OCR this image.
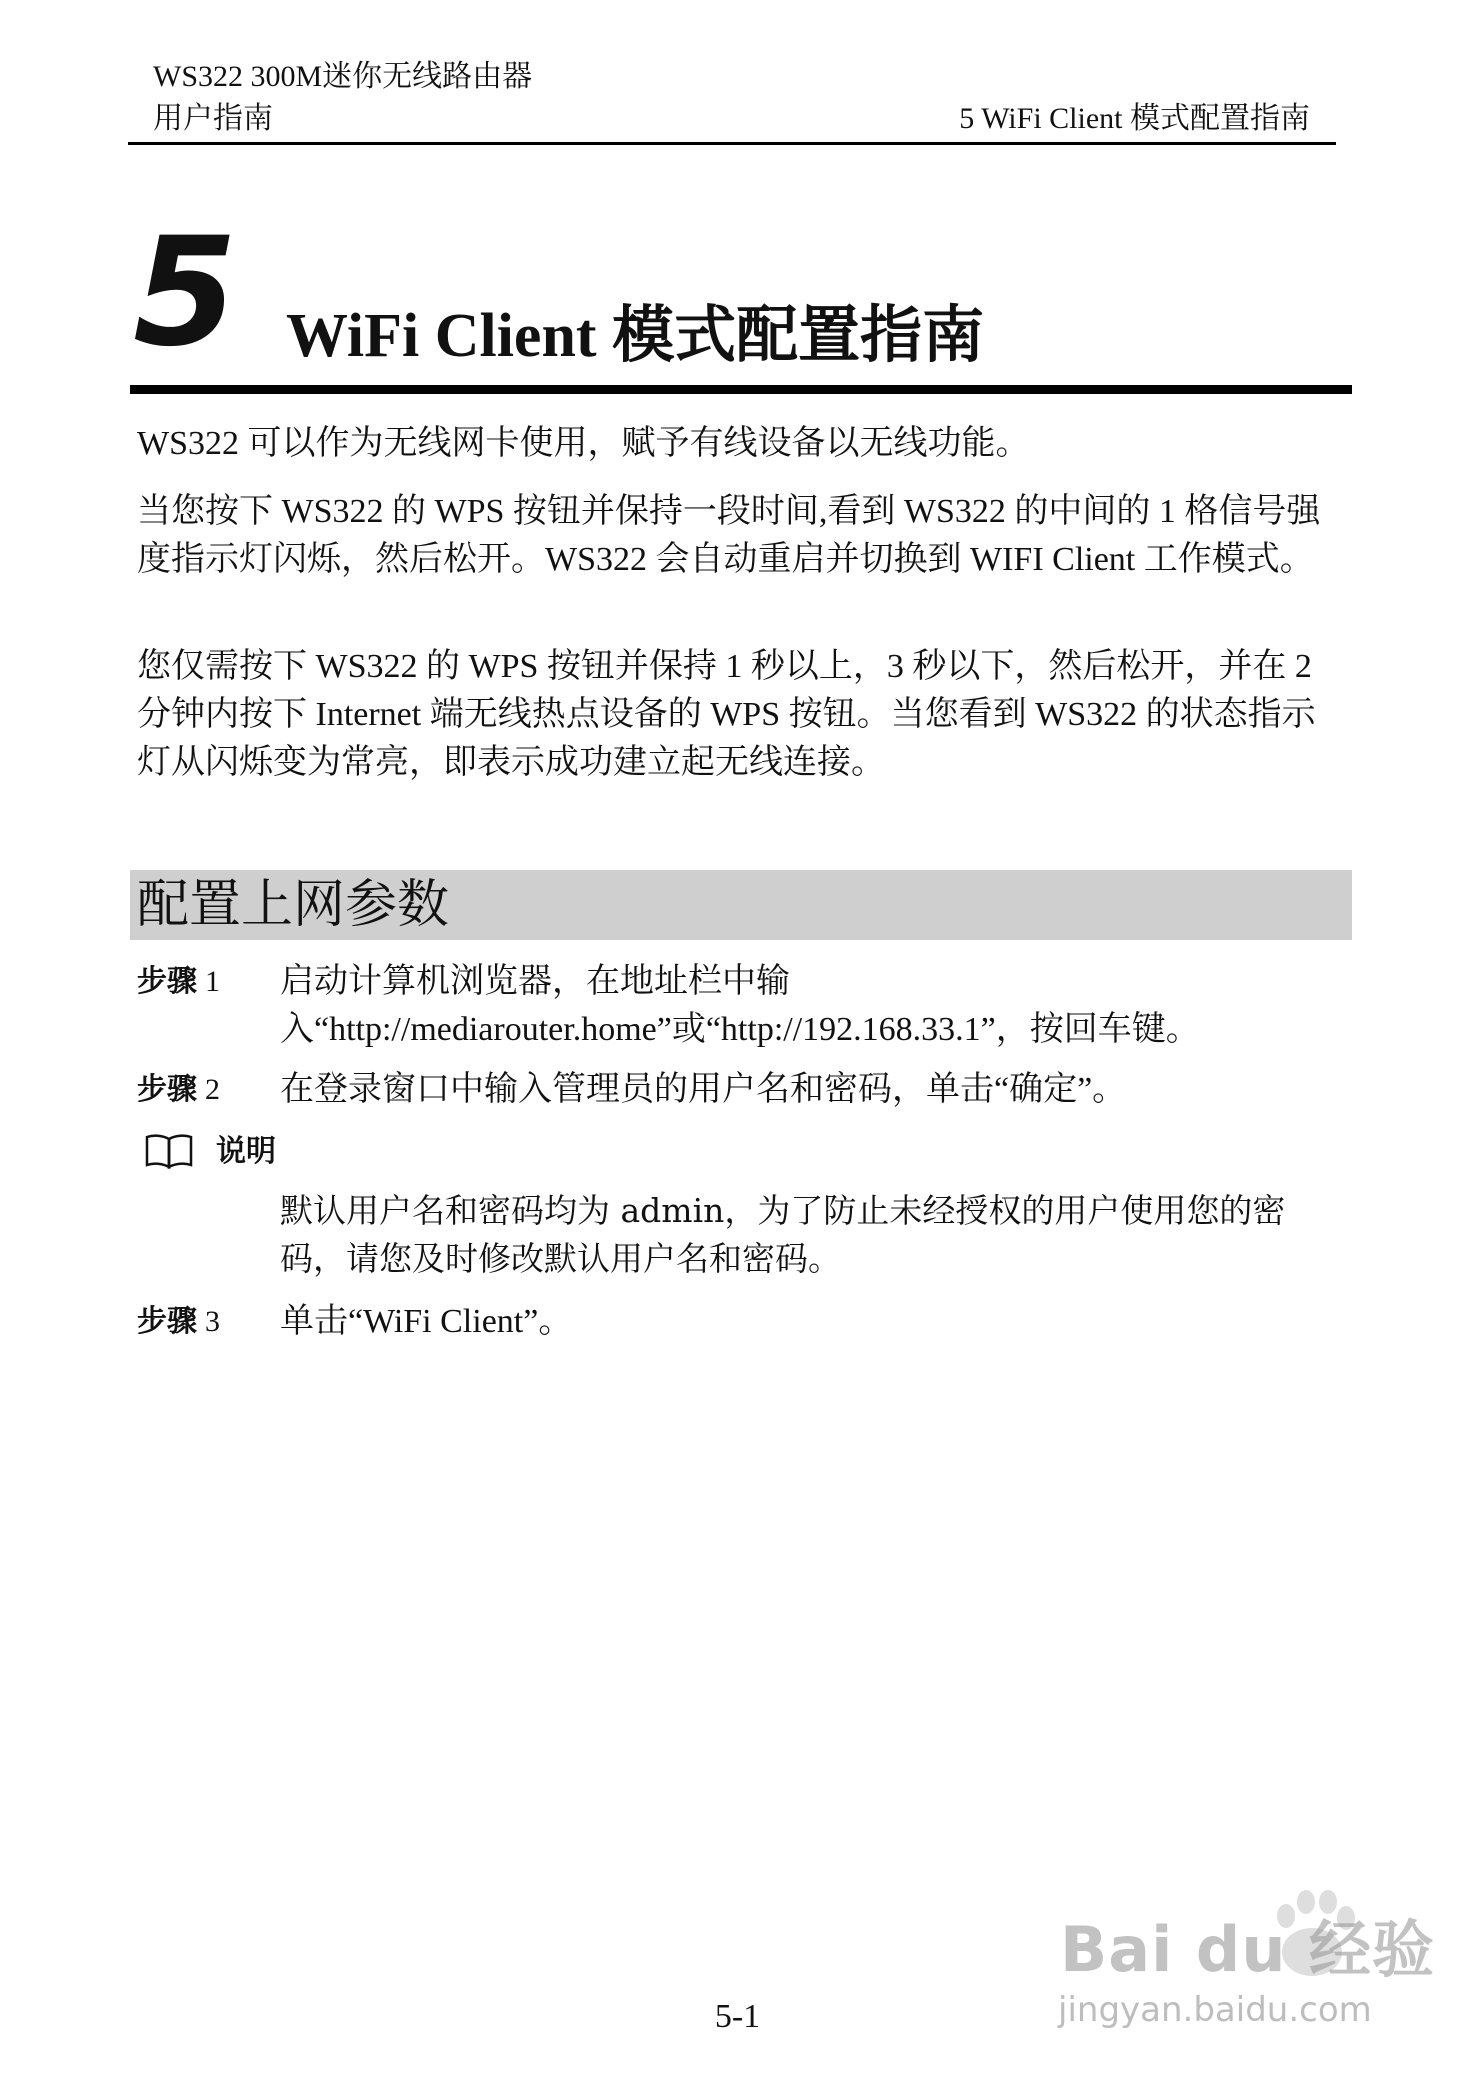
WS322 300M迷你无线路由器
用户指南	5 WiFi Client 模式配置指南
5 WiFi Client 模式配置指南
WS322 可以作为无线网卡使用，赋予有线设备以无线功能。
当您按下 WS322 的 WPS 按钮并保持一段时间,看到 WS322 的中间的 1 格信号强度指示灯闪烁，然后松开。WS322 会自动重启并切换到 WIFI Client 工作模式。
您仅需按下 WS322 的 WPS 按钮并保持 1 秒以上，3 秒以下，然后松开，并在 2 分钟内按下 Internet 端无线热点设备的 WPS 按钮。当您看到 WS322 的状态指示灯从闪烁变为常亮，即表示成功建立起无线连接。
配置上网参数
步骤 1 启动计算机浏览器，在地址栏中输入“http://mediarouter.home”或“http://192.168.33.1”，按回车键。
步骤 2 在登录窗口中输入管理员的用户名和密码，单击“确定”。
说明
默认用户名和密码均为 admin，为了防止未经授权的用户使用您的密码，请您及时修改默认用户名和密码。
步骤 3 单击“WiFi Client”。
Bai du 经验
jingyan.baidu.com
5-1
